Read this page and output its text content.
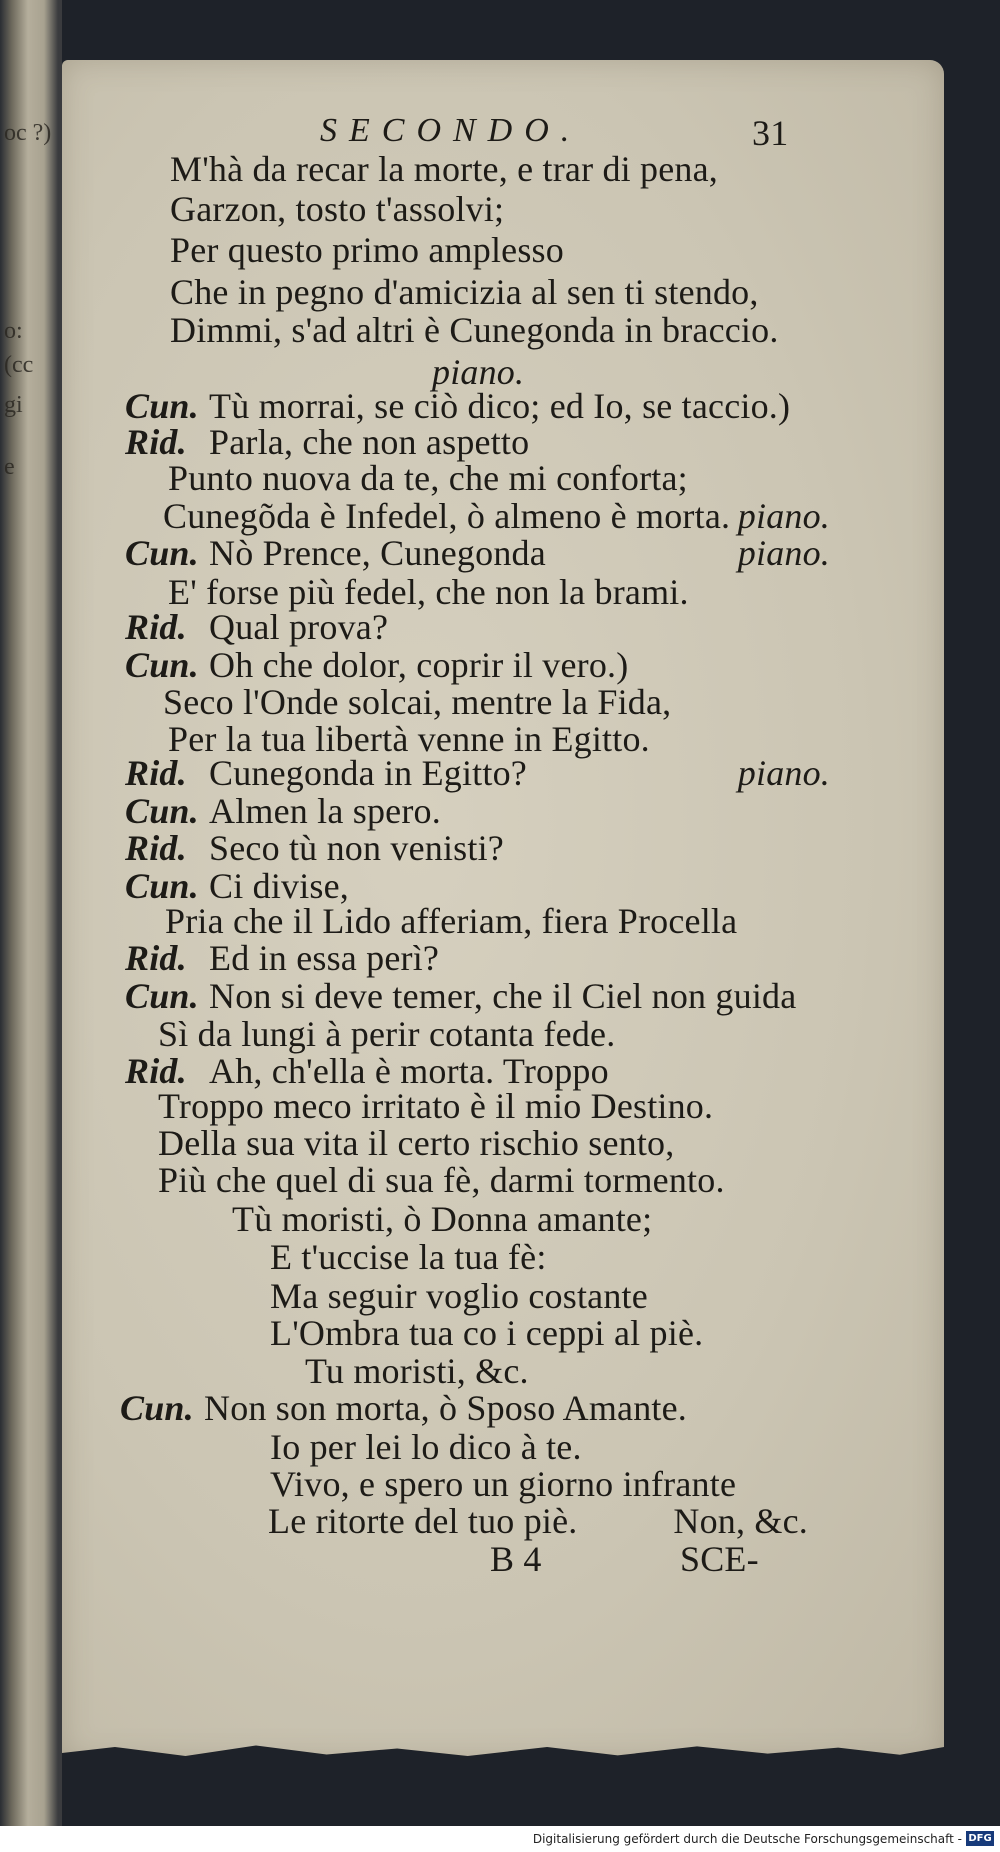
oc ?)
o:
(cc
gi
e
SECONDO.	31
M'hà da recar la morte, e trar di pena,
Garzon, tosto t'assolvi;
Per questo primo amplesso
Che in pegno d'amicizia al sen ti stendo,
Dimmi, s'ad altri è Cunegonda in braccio.
piano.
Cun. Tù morrai, se ciò dico; ed Io, se taccio.)
Rid. Parla, che non aspetto
Punto nuova da te, che mi conforta;
Cunegõda è Infedel, ò almeno è morta. piano.
Cun. Nò Prence, Cunegonda	piano.
E' forse più fedel, che non la brami.
Rid. Qual prova?
Cun. Oh che dolor, coprir il vero.)
Seco l'Onde solcai, mentre la Fida,
Per la tua libertà venne in Egitto.
Rid. Cunegonda in Egitto?	piano.
Cun. Almen la spero.
Rid. Seco tù non venisti?
Cun. Ci divise,
Pria che il Lido afferiam, fiera Procella
Rid. Ed in essa perì?
Cun. Non si deve temer, che il Ciel non guida
Sì da lungi à perir cotanta fede.
Rid. Ah, ch'ella è morta. Troppo
Troppo meco irritato è il mio Destino.
Della sua vita il certo rischio sento,
Più che quel di sua fè, darmi tormento.
Tù moristi, ò Donna amante;
E t'uccise la tua fè:
Ma seguir voglio costante
L'Ombra tua co i ceppi al piè.
Tu moristi, &c.
Cun. Non son morta, ò Sposo Amante.
Io per lei lo dico à te.
Vivo, e spero un giorno infrante
Le ritorte del tuo piè.	Non, &c.
B 4	SCE-
Digitalisierung gefördert durch die Deutsche Forschungsgemeinschaft - DFG
